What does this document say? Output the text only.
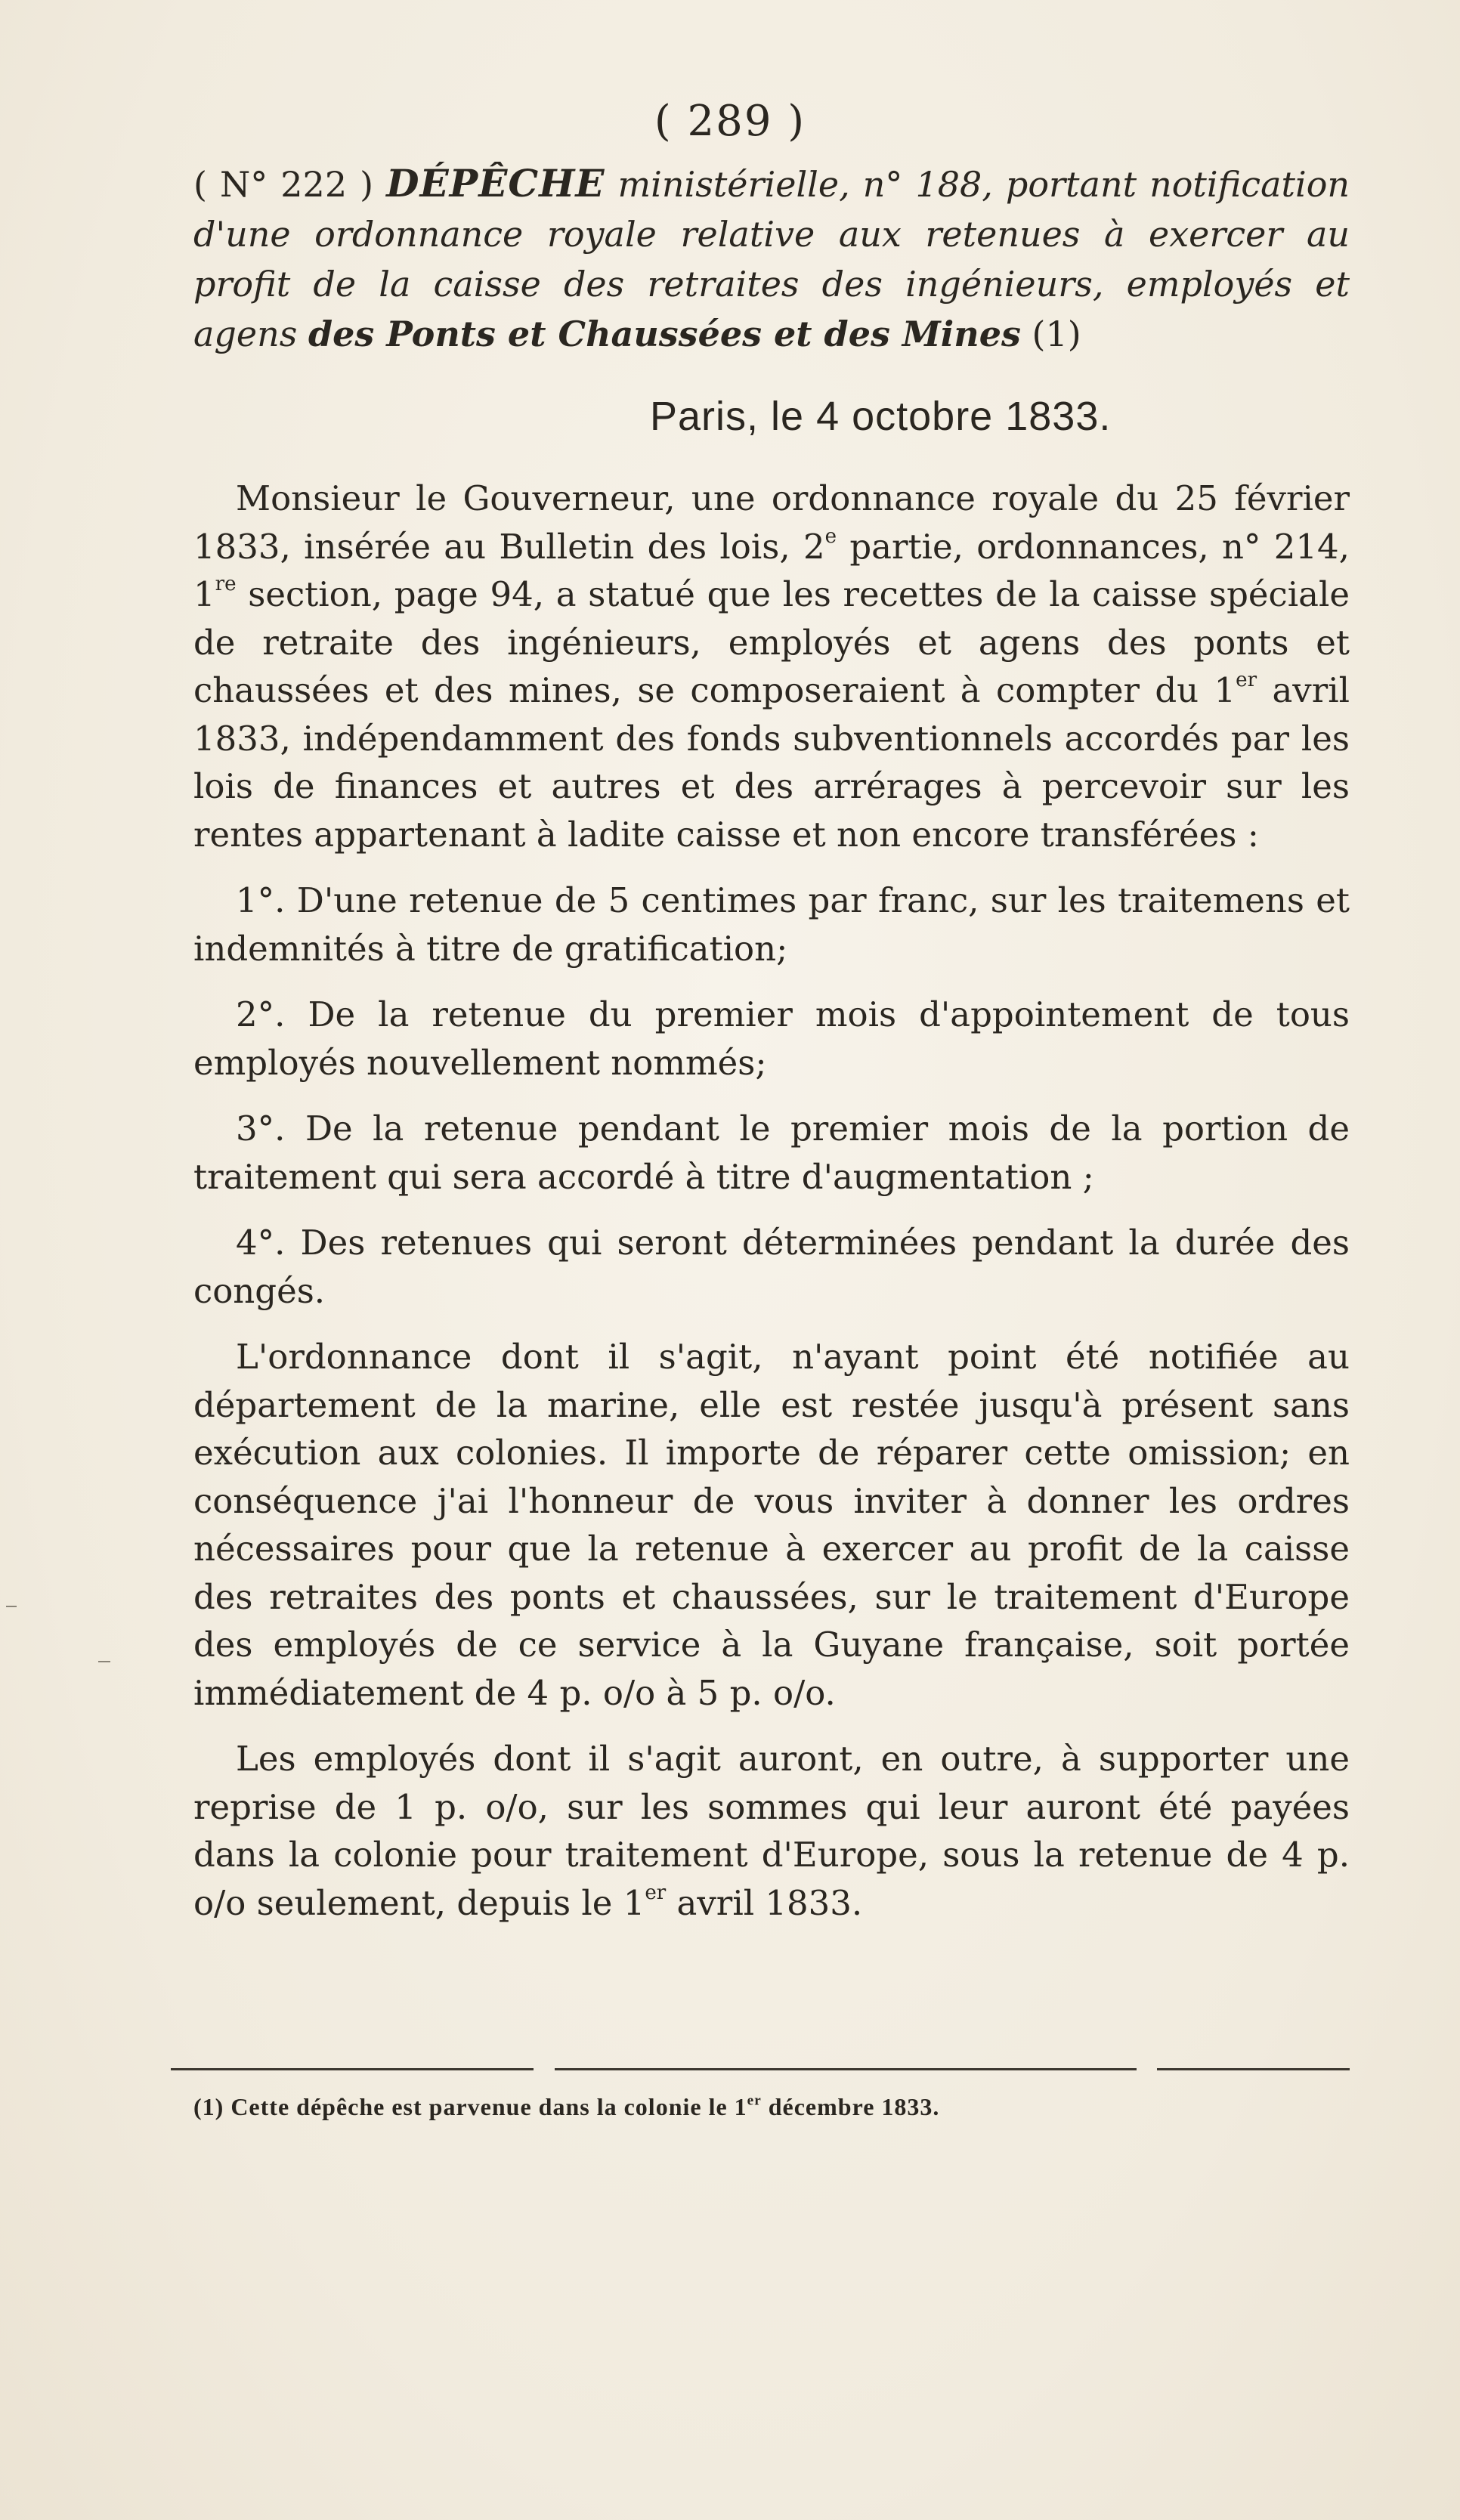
( 289 )
( N° 222 ) DÉPÊCHE ministérielle, n° 188, portant notification d'une ordonnance royale relative aux retenues à exercer au profit de la caisse des retraites des ingénieurs, employés et agens des Ponts et Chaussées et des Mines (1)
Paris, le 4 octobre 1833.

Monsieur le Gouverneur, une ordonnance royale du 25 février 1833, insérée au Bulletin des lois, 2e partie, ordonnances, n° 214, 1re section, page 94, a statué que les recettes de la caisse spéciale de retraite des ingénieurs, employés et agens des ponts et chaussées et des mines, se composeraient à compter du 1er avril 1833, indépendamment des fonds subventionnels accordés par les lois de finances et autres et des arrérages à percevoir sur les rentes appartenant à ladite caisse et non encore transférées :

1°. D'une retenue de 5 centimes par franc, sur les traitemens et indemnités à titre de gratification;

2°. De la retenue du premier mois d'appointement de tous employés nouvellement nommés;

3°. De la retenue pendant le premier mois de la portion de traitement qui sera accordé à titre d'augmentation ;

4°. Des retenues qui seront déterminées pendant la durée des congés.

L'ordonnance dont il s'agit, n'ayant point été notifiée au département de la marine, elle est restée jusqu'à présent sans exécution aux colonies. Il importe de réparer cette omission; en conséquence j'ai l'honneur de vous inviter à donner les ordres nécessaires pour que la retenue à exercer au profit de la caisse des retraites des ponts et chaussées, sur le traitement d'Europe des employés de ce service à la Guyane française, soit portée immédiatement de 4 p. o/o à 5 p. o/o.

Les employés dont il s'agit auront, en outre, à supporter une reprise de 1 p. o/o, sur les sommes qui leur auront été payées dans la colonie pour traitement d'Europe, sous la retenue de 4 p. o/o seulement, depuis le 1er avril 1833.

(1) Cette dépêche est parvenue dans la colonie le 1er décembre 1833.
